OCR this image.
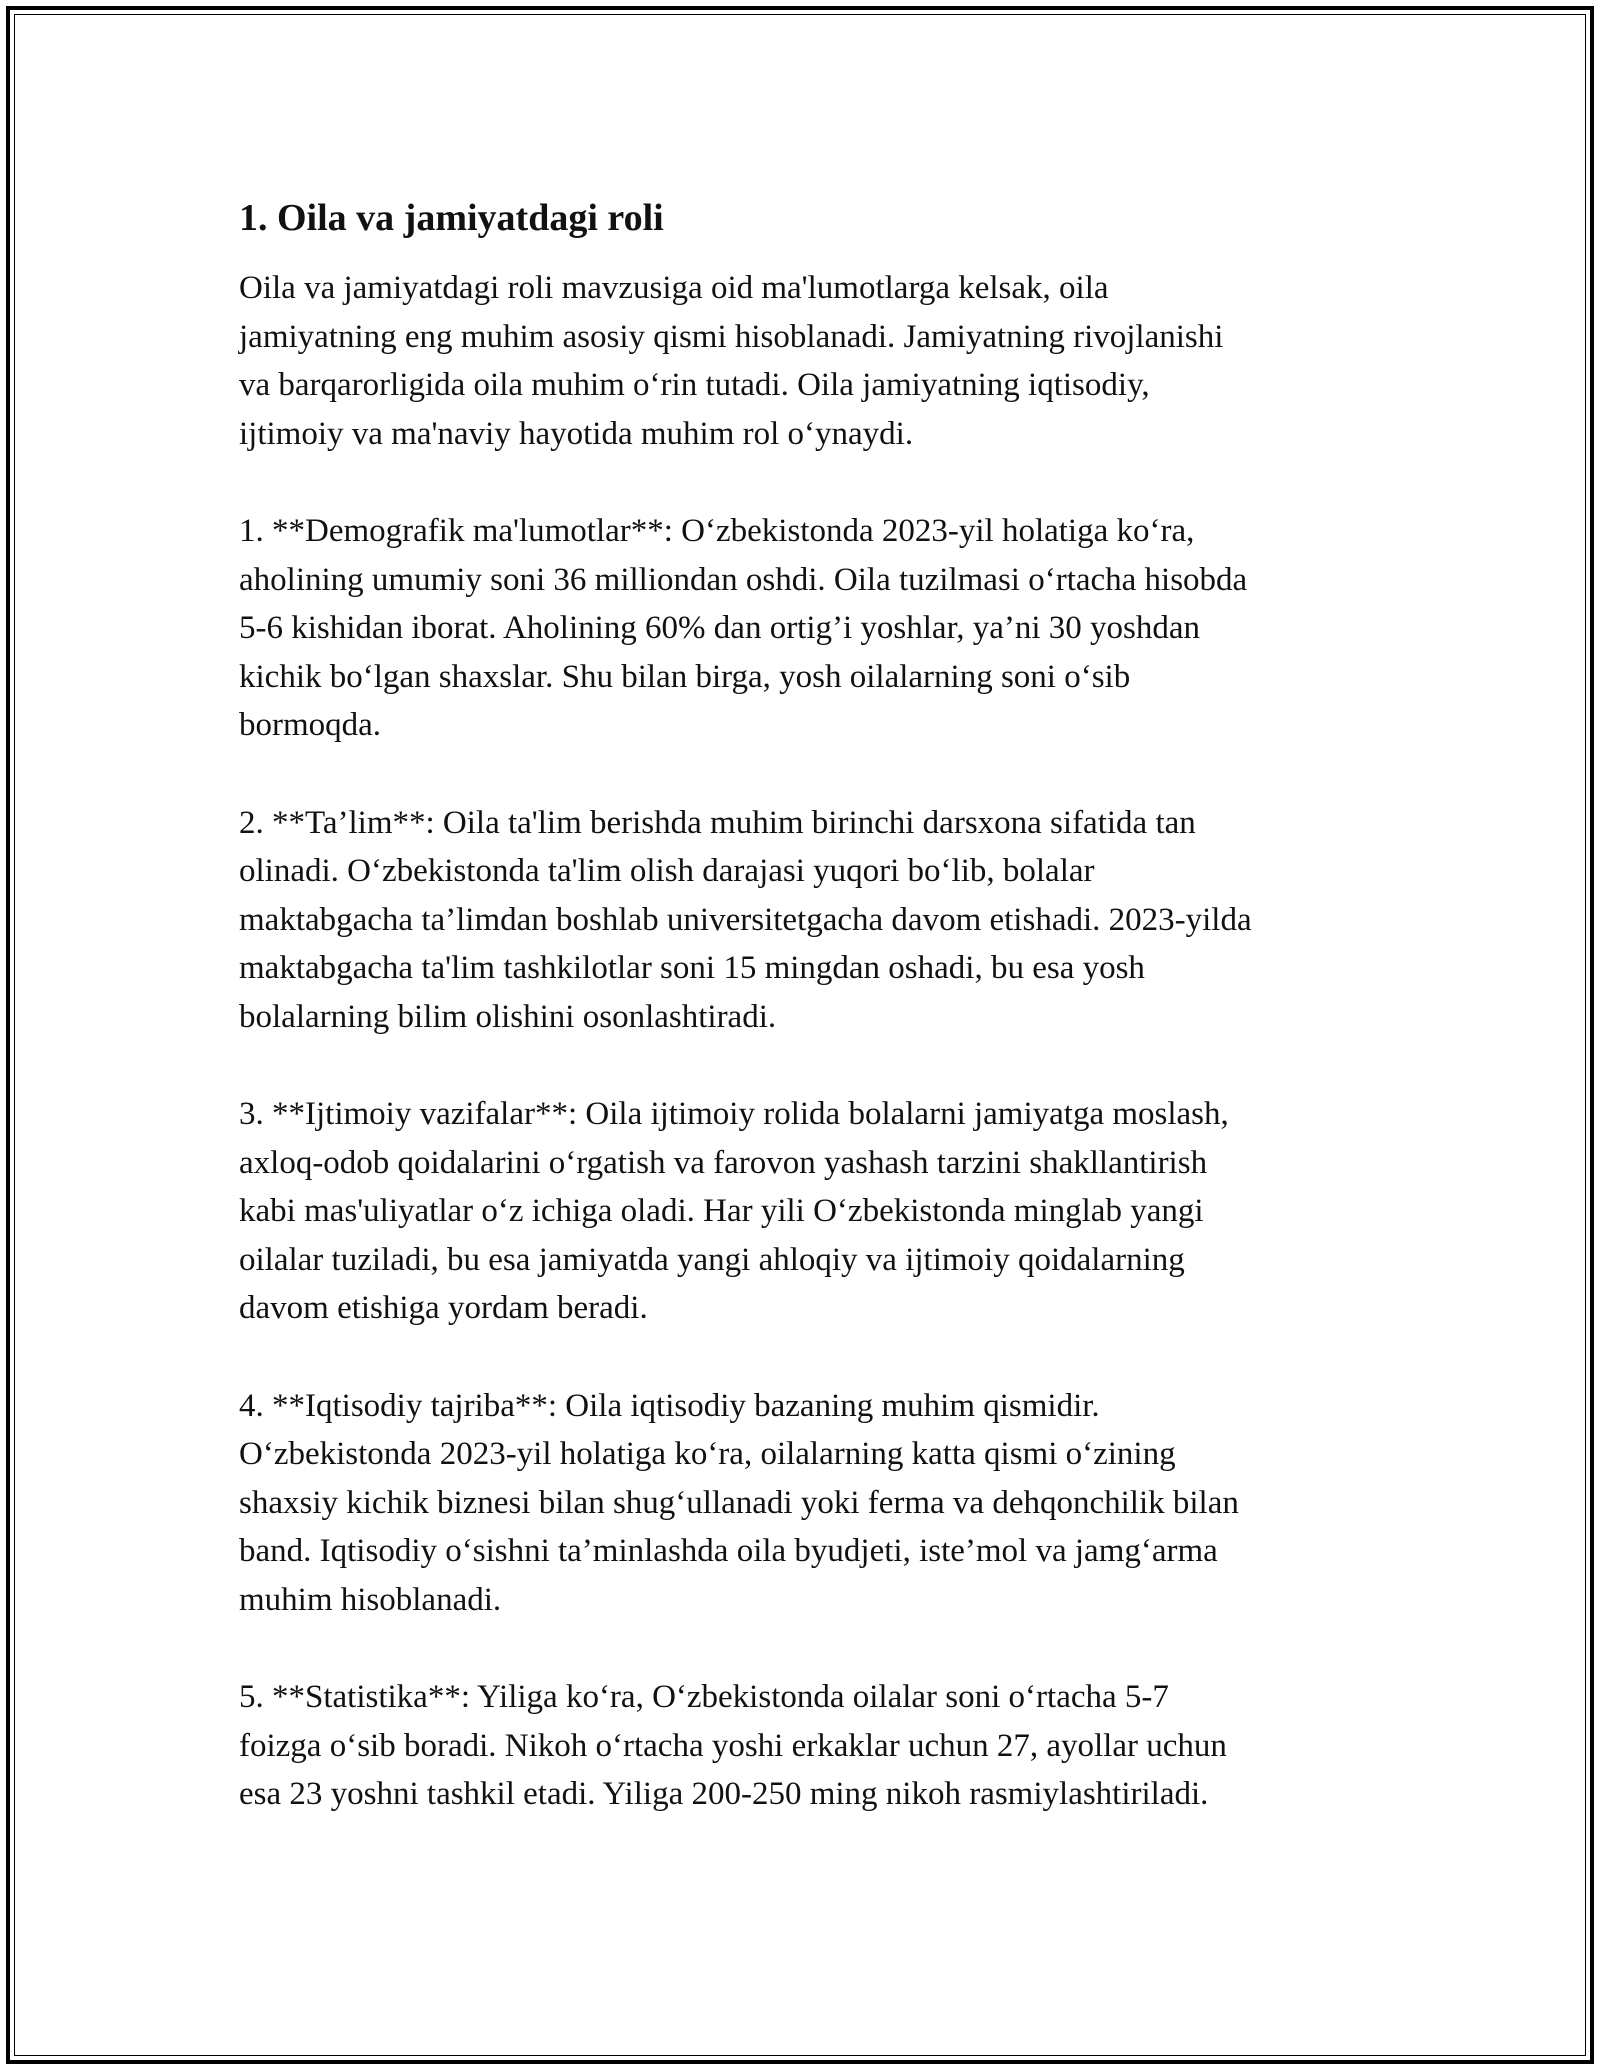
1. Oila va jamiyatdagi roli

Oila va jamiyatdagi roli mavzusiga oid ma'lumotlarga kelsak, oila
jamiyatning eng muhim asosiy qismi hisoblanadi. Jamiyatning rivojlanishi
va barqarorligida oila muhim o‘rin tutadi. Oila jamiyatning iqtisodiy,
ijtimoiy va ma'naviy hayotida muhim rol o‘ynaydi.

1. **Demografik ma'lumotlar**: O‘zbekistonda 2023-yil holatiga ko‘ra,
aholining umumiy soni 36 milliondan oshdi. Oila tuzilmasi o‘rtacha hisobda
5-6 kishidan iborat. Aholining 60% dan ortig’i yoshlar, ya’ni 30 yoshdan
kichik bo‘lgan shaxslar. Shu bilan birga, yosh oilalarning soni o‘sib
bormoqda.

2. **Ta’lim**: Oila ta'lim berishda muhim birinchi darsxona sifatida tan
olinadi. O‘zbekistonda ta'lim olish darajasi yuqori bo‘lib, bolalar
maktabgacha ta’limdan boshlab universitetgacha davom etishadi. 2023-yilda
maktabgacha ta'lim tashkilotlar soni 15 mingdan oshadi, bu esa yosh
bolalarning bilim olishini osonlashtiradi.

3. **Ijtimoiy vazifalar**: Oila ijtimoiy rolida bolalarni jamiyatga moslash,
axloq-odob qoidalarini o‘rgatish va farovon yashash tarzini shakllantirish
kabi mas'uliyatlar o‘z ichiga oladi. Har yili O‘zbekistonda minglab yangi
oilalar tuziladi, bu esa jamiyatda yangi ahloqiy va ijtimoiy qoidalarning
davom etishiga yordam beradi.

4. **Iqtisodiy tajriba**: Oila iqtisodiy bazaning muhim qismidir.
O‘zbekistonda 2023-yil holatiga ko‘ra, oilalarning katta qismi o‘zining
shaxsiy kichik biznesi bilan shug‘ullanadi yoki ferma va dehqonchilik bilan
band. Iqtisodiy o‘sishni ta’minlashda oila byudjeti, iste’mol va jamg‘arma
muhim hisoblanadi.

5. **Statistika**: Yiliga ko‘ra, O‘zbekistonda oilalar soni o‘rtacha 5-7
foizga o‘sib boradi. Nikoh o‘rtacha yoshi erkaklar uchun 27, ayollar uchun
esa 23 yoshni tashkil etadi. Yiliga 200-250 ming nikoh rasmiylashtiriladi.
